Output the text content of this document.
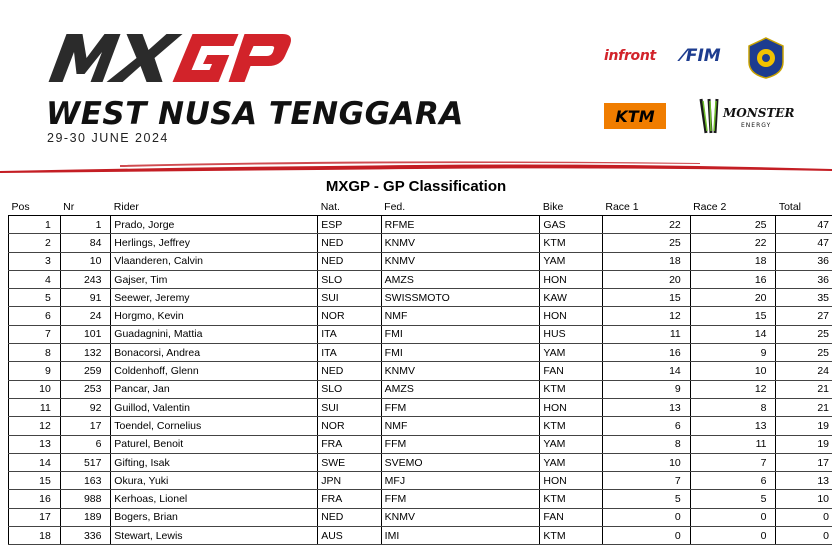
WEST NUSA TENGGARA
29-30 JUNE 2024
infront ⁄FIM
KTM	MONSTER
ENERGY
MXGP - GP Classification
Pos		Nr		Rider		Nat.		Fed.		Bike		Race 1		Race 2		Total
1		1		Prado, Jorge		ESP		RFME		GAS		22		25		47
2		84		Herlings, Jeffrey		NED		KNMV		KTM		25		22		47
3		10		Vlaanderen, Calvin		NED		KNMV		YAM		18		18		36
4		243		Gajser, Tim		SLO		AMZS		HON		20		16		36
5		91		Seewer, Jeremy		SUI		SWISSMOTO		KAW		15		20		35
6		24		Horgmo, Kevin		NOR		NMF		HON		12		15		27
7		101		Guadagnini, Mattia		ITA		FMI		HUS		11		14		25
8		132		Bonacorsi, Andrea		ITA		FMI		YAM		16		9		25
9		259		Coldenhoff, Glenn		NED		KNMV		FAN		14		10		24
10		253		Pancar, Jan		SLO		AMZS		KTM		9		12		21
11		92		Guillod, Valentin		SUI		FFM		HON		13		8		21
12		17		Toendel, Cornelius		NOR		NMF		KTM		6		13		19
13		6		Paturel, Benoit		FRA		FFM		YAM		8		11		19
14		517		Gifting, Isak		SWE		SVEMO		YAM		10		7		17
15		163		Okura, Yuki		JPN		MFJ		HON		7		6		13
16		988		Kerhoas, Lionel		FRA		FFM		KTM		5		5		10
17		189		Bogers, Brian		NED		KNMV		FAN		0		0		0
18		336		Stewart, Lewis		AUS		IMI		KTM		0		0		0
